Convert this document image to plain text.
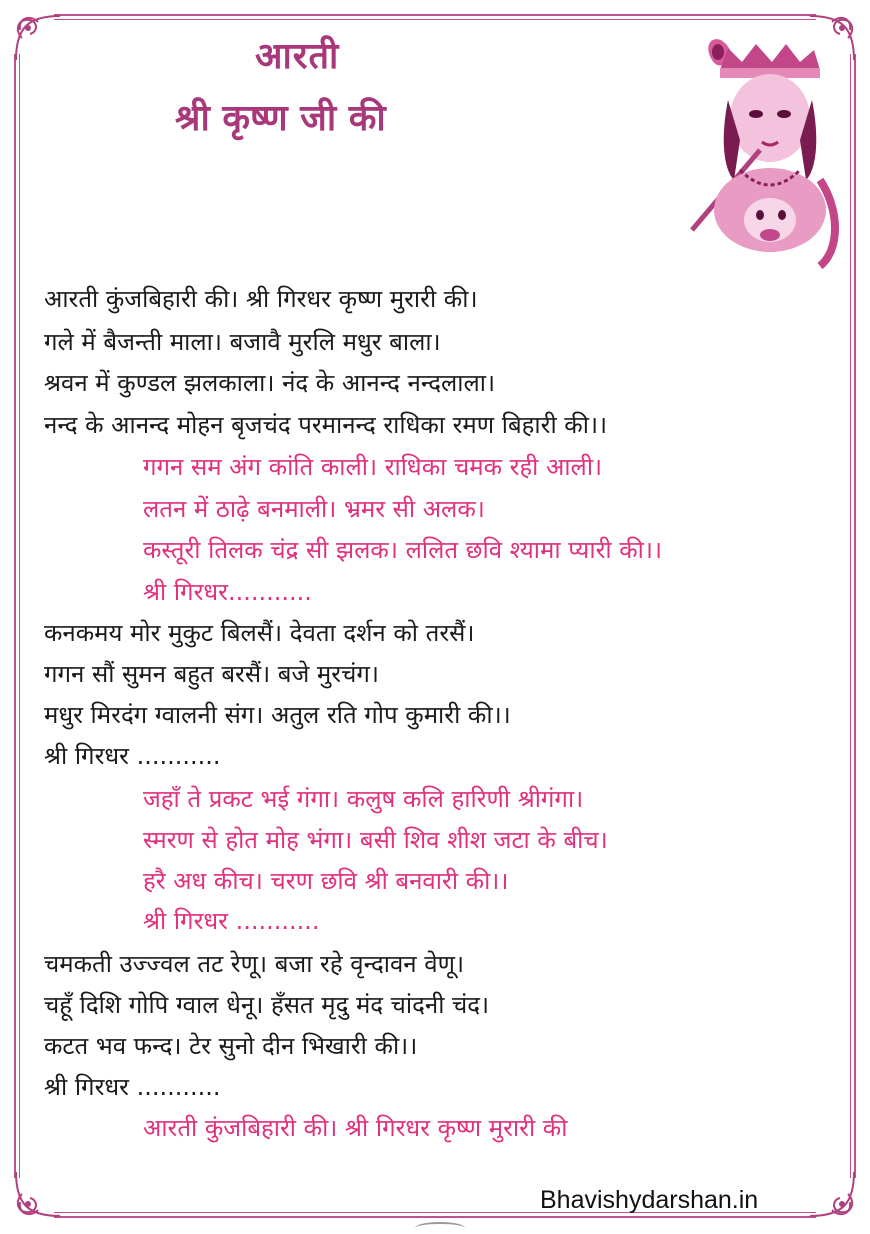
आरती
श्री कृष्ण जी की
आरती कुंजबिहारी की। श्री गिरधर कृष्ण मुरारी की।
गले में बैजन्ती माला। बजावै मुरलि मधुर बाला।
श्रवन में कुण्डल झलकाला। नंद के आनन्द नन्दलाला।
नन्द के आनन्द मोहन बृजचंद परमानन्द राधिका रमण बिहारी की।।
गगन सम अंग कांति काली। राधिका चमक रही आली।
लतन में ठाढ़े बनमाली। भ्रमर सी अलक।
कस्तूरी तिलक चंद्र सी झलक। ललित छवि श्यामा प्यारी की।।
श्री गिरधर...........
कनकमय मोर मुकुट बिलसैं। देवता दर्शन को तरसैं।
गगन सौं सुमन बहुत बरसैं। बजे मुरचंग।
मधुर मिरदंग ग्वालनी संग। अतुल रति गोप कुमारी की।।
श्री गिरधर ...........
जहाँ ते प्रकट भई गंगा। कलुष कलि हारिणी श्रीगंगा।
स्मरण से होत मोह भंगा। बसी शिव शीश जटा के बीच।
हरै अध कीच। चरण छवि श्री बनवारी की।।
श्री गिरधर ...........
चमकती उज्ज्वल तट रेणू। बजा रहे वृन्दावन वेणू।
चहूँ दिशि गोपि ग्वाल धेनू। हँसत मृदु मंद चांदनी चंद।
कटत भव फन्द। टेर सुनो दीन भिखारी की।।
श्री गिरधर ...........
आरती कुंजबिहारी की। श्री गिरधर कृष्ण मुरारी की
Bhavishydarshan.in
